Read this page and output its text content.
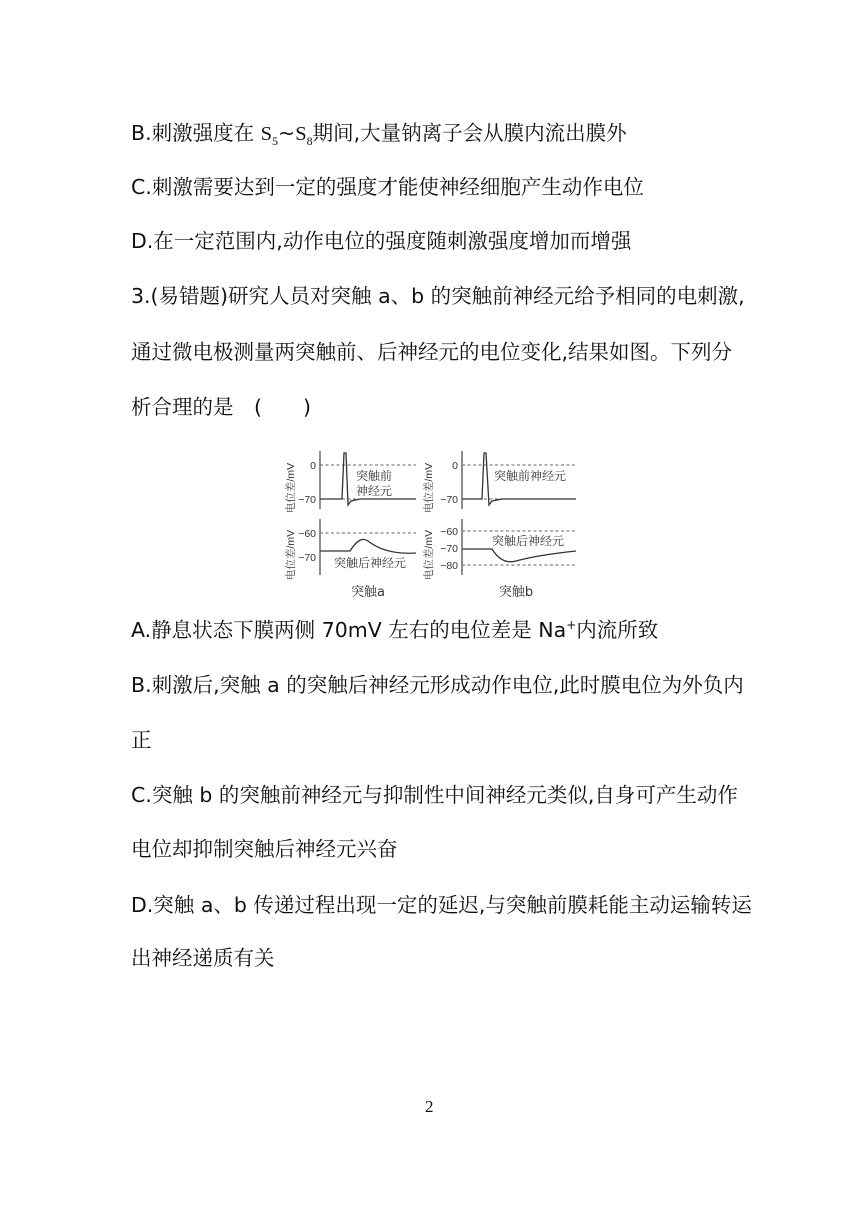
B.刺激强度在 $S_5\sim S_8$期间,大量钠离子会从膜内流出膜外
C.刺激需要达到一定的强度才能使神经细胞产生动作电位
D.在一定范围内,动作电位的强度随刺激强度增加而增强
3.(易错题)研究人员对突触 a、b 的突触前神经元给予相同的电刺激,
通过微电极测量两突触前、后神经元的电位变化,结果如图。下列分
析合理的是　(　　)
电位差/mV 0
−70
突触前
神经元
电位差/mV −60
−70 突触后神经元
电位差/mV 0
−70
突触前神经元
电位差/mV −60
−70
−80
突触后神经元
突触a	突触b
A.静息状态下膜两侧 70mV 左右的电位差是 Na+内流所致
B.刺激后,突触 a 的突触后神经元形成动作电位,此时膜电位为外负内
正
C.突触 b 的突触前神经元与抑制性中间神经元类似,自身可产生动作
电位却抑制突触后神经元兴奋
D.突触 a、b 传递过程出现一定的延迟,与突触前膜耗能主动运输转运
出神经递质有关
2
